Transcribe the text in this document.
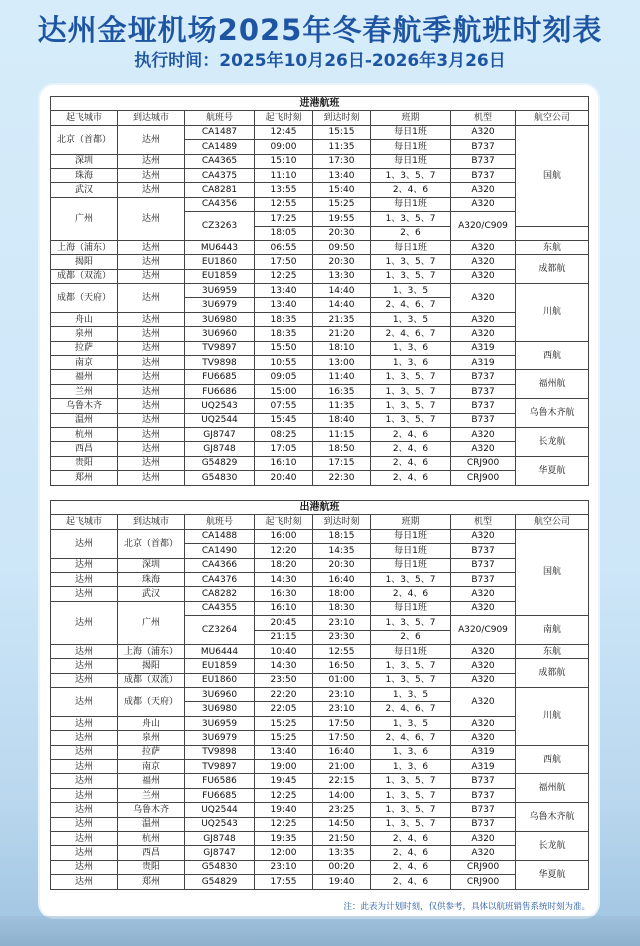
达州金垭机场2025年冬春航季航班时刻表
执行时间：2025年10月26日-2026年3月26日
进港航班								
起飞城市	到达城市	航班号	起飞时刻	到达时刻	班期	机型	航空公司	
北京（首都）	达州	CA1487	12:45	15:15	每日1班	A320	国航	
		CA1489	09:00	11:35	每日1班	B737		
深圳	达州	CA4365	15:10	17:30	每日1班	B737		
珠海	达州	CA4375	11:10	13:40	1、3、5、7	B737		
武汉	达州	CA8281	13:55	15:40	2、4、6	A320		
广州	达州	CA4356	12:55	15:25	每日1班	A320		
		CZ3263	17:25	19:55	1、3、5、7	A320/C909	
			18:05	20:30	2、6			
上海（浦东）	达州	MU6443	06:55	09:50	每日1班	A320	东航	
揭阳	达州	EU1860	17:50	20:30	1、3、5、7	A320	成都航	
成都（双流）	达州	EU1859	12:25	13:30	1、3、5、7	A320		
成都（天府）	达州	3U6959	13:40	14:40	1、3、5	A320	川航	
		3U6979	13:40	14:40	2、4、6、7			
舟山	达州	3U6980	18:35	21:35	1、3、5	A320		
泉州	达州	3U6960	18:35	21:20	2、4、6、7	A320		
拉萨	达州	TV9897	15:50	18:10	1、3、6	A319	西航	
南京	达州	TV9898	10:55	13:00	1、3、6	A319		
福州	达州	FU6685	09:05	11:40	1、3、5、7	B737	福州航	
兰州	达州	FU6686	15:00	16:35	1、3、5、7	B737		
乌鲁木齐	达州	UQ2543	07:55	11:35	1、3、5、7	B737	乌鲁木齐航	
温州	达州	UQ2544	15:45	18:40	1、3、5、7	B737		
杭州	达州	GJ8747	08:25	11:15	2、4、6	A320	长龙航	
西昌	达州	GJ8748	17:05	18:50	2、4、6	A320		
贵阳	达州	G54829	16:10	17:15	2、4、6	CRJ900	华夏航	
郑州	达州	G54830	20:40	22:30	2、4、6	CRJ900		
出港航班							
起飞城市	到达城市	航班号	起飞时刻	到达时刻	班期	机型	航空公司
达州	北京（首都）	CA1488	16:00	18:15	每日1班	A320	国航
		CA1490	12:20	14:35	每日1班	B737	
达州	深圳	CA4366	18:20	20:30	每日1班	B737	
达州	珠海	CA4376	14:30	16:40	1、3、5、7	B737	
达州	武汉	CA8282	16:30	18:00	2、4、6	A320	
达州	广州	CA4355	16:10	18:30	每日1班	A320	
		CZ3264	20:45	23:10	1、3、5、7	A320/C909	南航
			21:15	23:30	2、6		
达州	上海（浦东）	MU6444	10:40	12:55	每日1班	A320	东航
达州	揭阳	EU1859	14:30	16:50	1、3、5、7	A320	成都航
达州	成都（双流）	EU1860	23:50	01:00	1、3、5、7	A320	
达州	成都（天府）	3U6960	22:20	23:10	1、3、5	A320	川航
		3U6980	22:05	23:10	2、4、6、7		
达州	舟山	3U6959	15:25	17:50	1、3、5	A320	
达州	泉州	3U6979	15:25	17:50	2、4、6、7	A320	
达州	拉萨	TV9898	13:40	16:40	1、3、6	A319	西航
达州	南京	TV9897	19:00	21:00	1、3、6	A319	
达州	福州	FU6586	19:45	22:15	1、3、5、7	B737	福州航
达州	兰州	FU6685	12:25	14:00	1、3、5、7	B737	
达州	乌鲁木齐	UQ2544	19:40	23:25	1、3、5、7	B737	乌鲁木齐航
达州	温州	UQ2543	12:25	14:50	1、3、5、7	B737	
达州	杭州	GJ8748	19:35	21:50	2、4、6	A320	长龙航
达州	西昌	GJ8747	12:00	13:35	2、4、6	A320	
达州	贵阳	G54830	23:10	00:20	2、4、6	CRJ900	华夏航
达州	郑州	G54829	17:55	19:40	2、4、6	CRJ900	
注：此表为计划时刻，仅供参考，具体以航班销售系统时刻为准。
